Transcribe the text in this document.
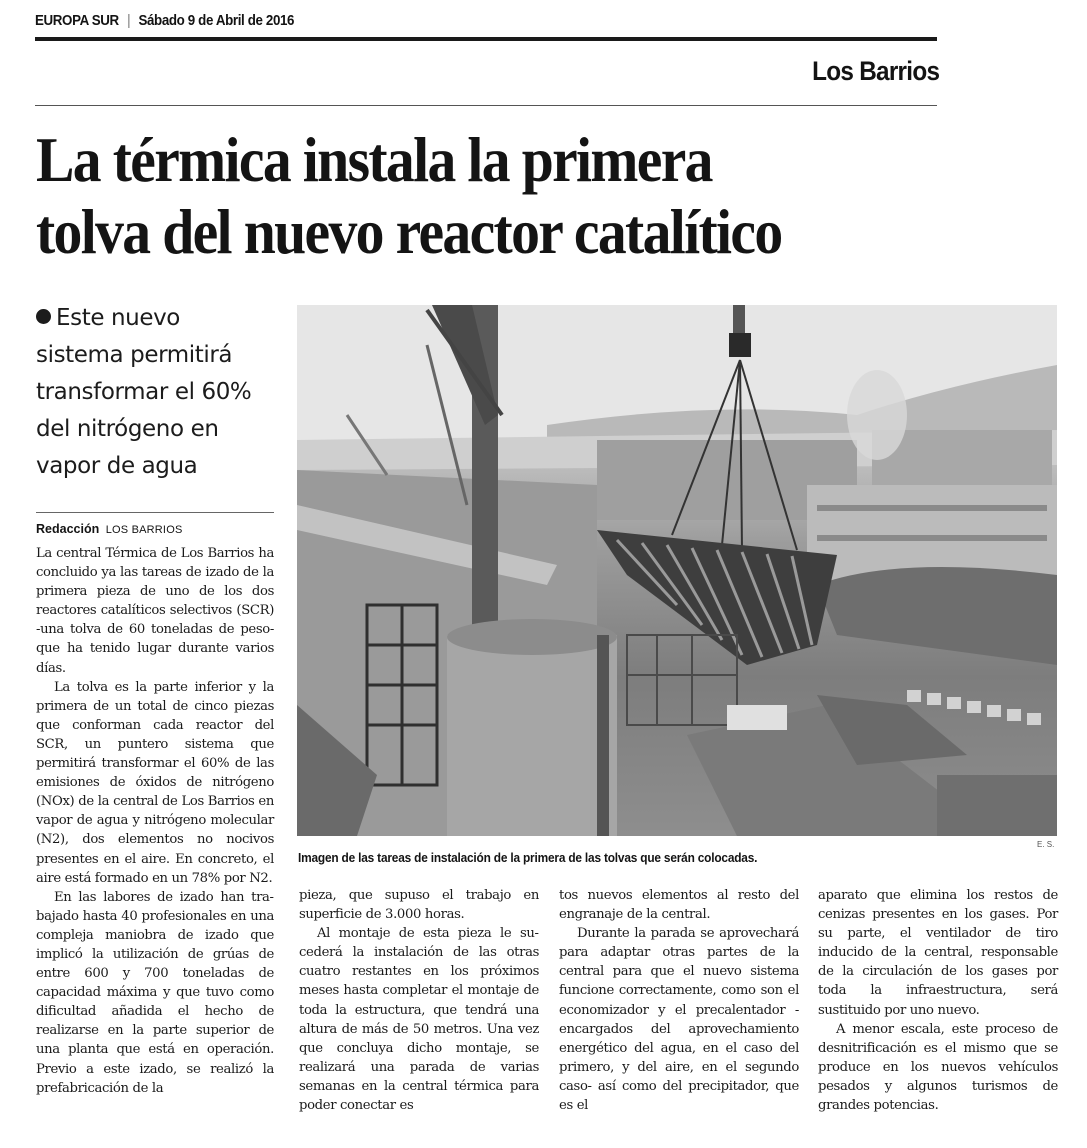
EUROPA SUR | Sábado 9 de Abril de 2016
Los Barrios
La térmica instala la primera
tolva del nuevo reactor catalítico
Este nuevo
sistema permitirá
transformar el 60%
del nitrógeno en
vapor de agua
Redacción LOS BARRIOS

La central Térmica de Los Barrios ha concluido ya las tareas de izado de la primera pieza de uno de los dos reactores catalíticos selectivos (SCR) -una tolva de 60 toneladas de peso- que ha tenido lugar durante varios días.

La tolva es la parte inferior y la primera de un total de cinco piezas que conforman cada reactor del SCR, un puntero sistema que permitirá transformar el 60% de las emisiones de óxidos de nitrógeno (NOx) de la central de Los Barrios en vapor de agua y nitrógeno molecular (N2), dos elementos no nocivos presentes en el aire. En concreto, el aire está formado en un 78% por N2.

En las labores de izado han trabajado hasta 40 profesionales en una compleja maniobra de izado que implicó la utilización de grúas de entre 600 y 700 toneladas de capacidad máxima y que tuvo como dificultad añadida el hecho de realizarse en la parte superior de una planta que está en operación. Previo a este izado, se realizó la prefabricación de la

E. S.
Imagen de las tareas de instalación de la primera de las tolvas que serán colocadas.

pieza, que supuso el trabajo en superficie de 3.000 horas.

Al montaje de esta pieza le sucederá la instalación de las otras cuatro restantes en los próximos meses hasta completar el montaje de toda la estructura, que tendrá una altura de más de 50 metros. Una vez que concluya dicho montaje, se realizará una parada de varias semanas en la central térmica para poder conectar es

tos nuevos elementos al resto del engranaje de la central.

Durante la parada se aprovechará para adaptar otras partes de la central para que el nuevo sistema funcione correctamente, como son el economizador y el precalentador -encargados del aprovechamiento energético del agua, en el caso del primero, y del aire, en el segundo caso- así como del precipitador, que es el

aparato que elimina los restos de cenizas presentes en los gases. Por su parte, el ventilador de tiro inducido de la central, responsable de la circulación de los gases por toda la infraestructura, será sustituido por uno nuevo.

A menor escala, este proceso de desnitrificación es el mismo que se produce en los nuevos vehículos pesados y algunos turismos de grandes potencias.
